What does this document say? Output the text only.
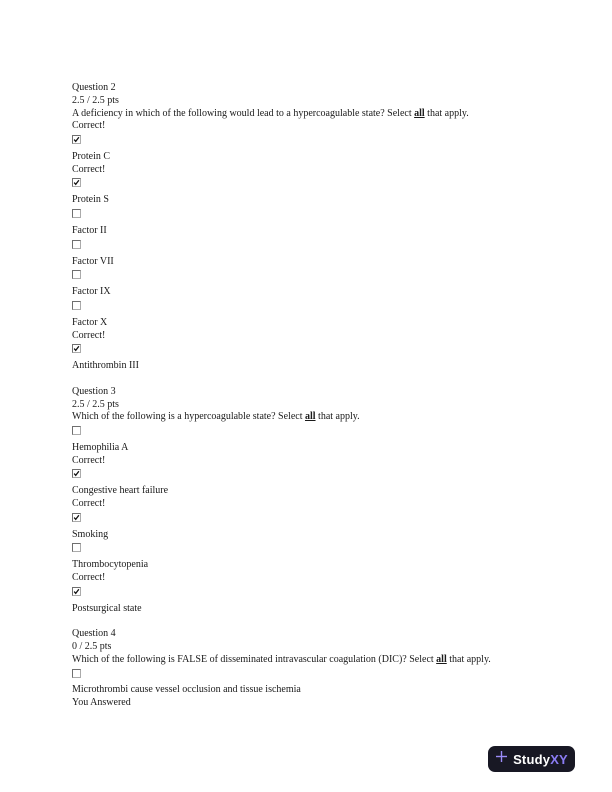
Question 2
2.5 / 2.5 pts
A deficiency in which of the following would lead to a hypercoagulable state? Select all that apply.
Correct!
Protein C
Correct!
Protein S
Factor II
Factor VII
Factor IX
Factor X
Correct!
Antithrombin III
Question 3
2.5 / 2.5 pts
Which of the following is a hypercoagulable state? Select all that apply.
Hemophilia A
Correct!
Congestive heart failure
Correct!
Smoking
Thrombocytopenia
Correct!
Postsurgical state
Question 4
0 / 2.5 pts
Which of the following is FALSE of disseminated intravascular coagulation (DIC)? Select all that apply.
Microthrombi cause vessel occlusion and tissue ischemia
You Answered
StudyXY
